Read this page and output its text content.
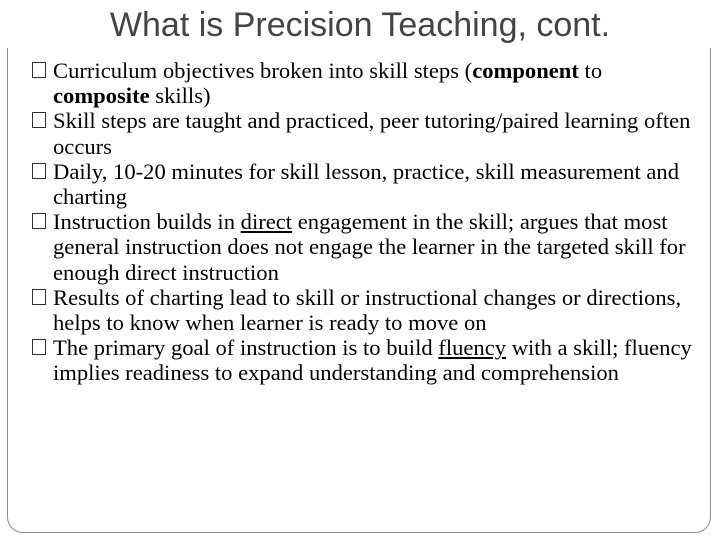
What is Precision Teaching, cont.
Curriculum objectives broken into skill steps (component to composite skills)
Skill steps are taught and practiced, peer tutoring/paired learning often occurs
Daily, 10-20 minutes for skill lesson, practice, skill measurement and charting
Instruction builds in direct engagement in the skill; argues that most general instruction does not engage the learner in the targeted skill for enough direct instruction
Results of charting lead to skill or instructional changes or directions, helps to know when learner is ready to move on
The primary goal of instruction is to build fluency with a skill; fluency implies readiness to expand understanding and comprehension
